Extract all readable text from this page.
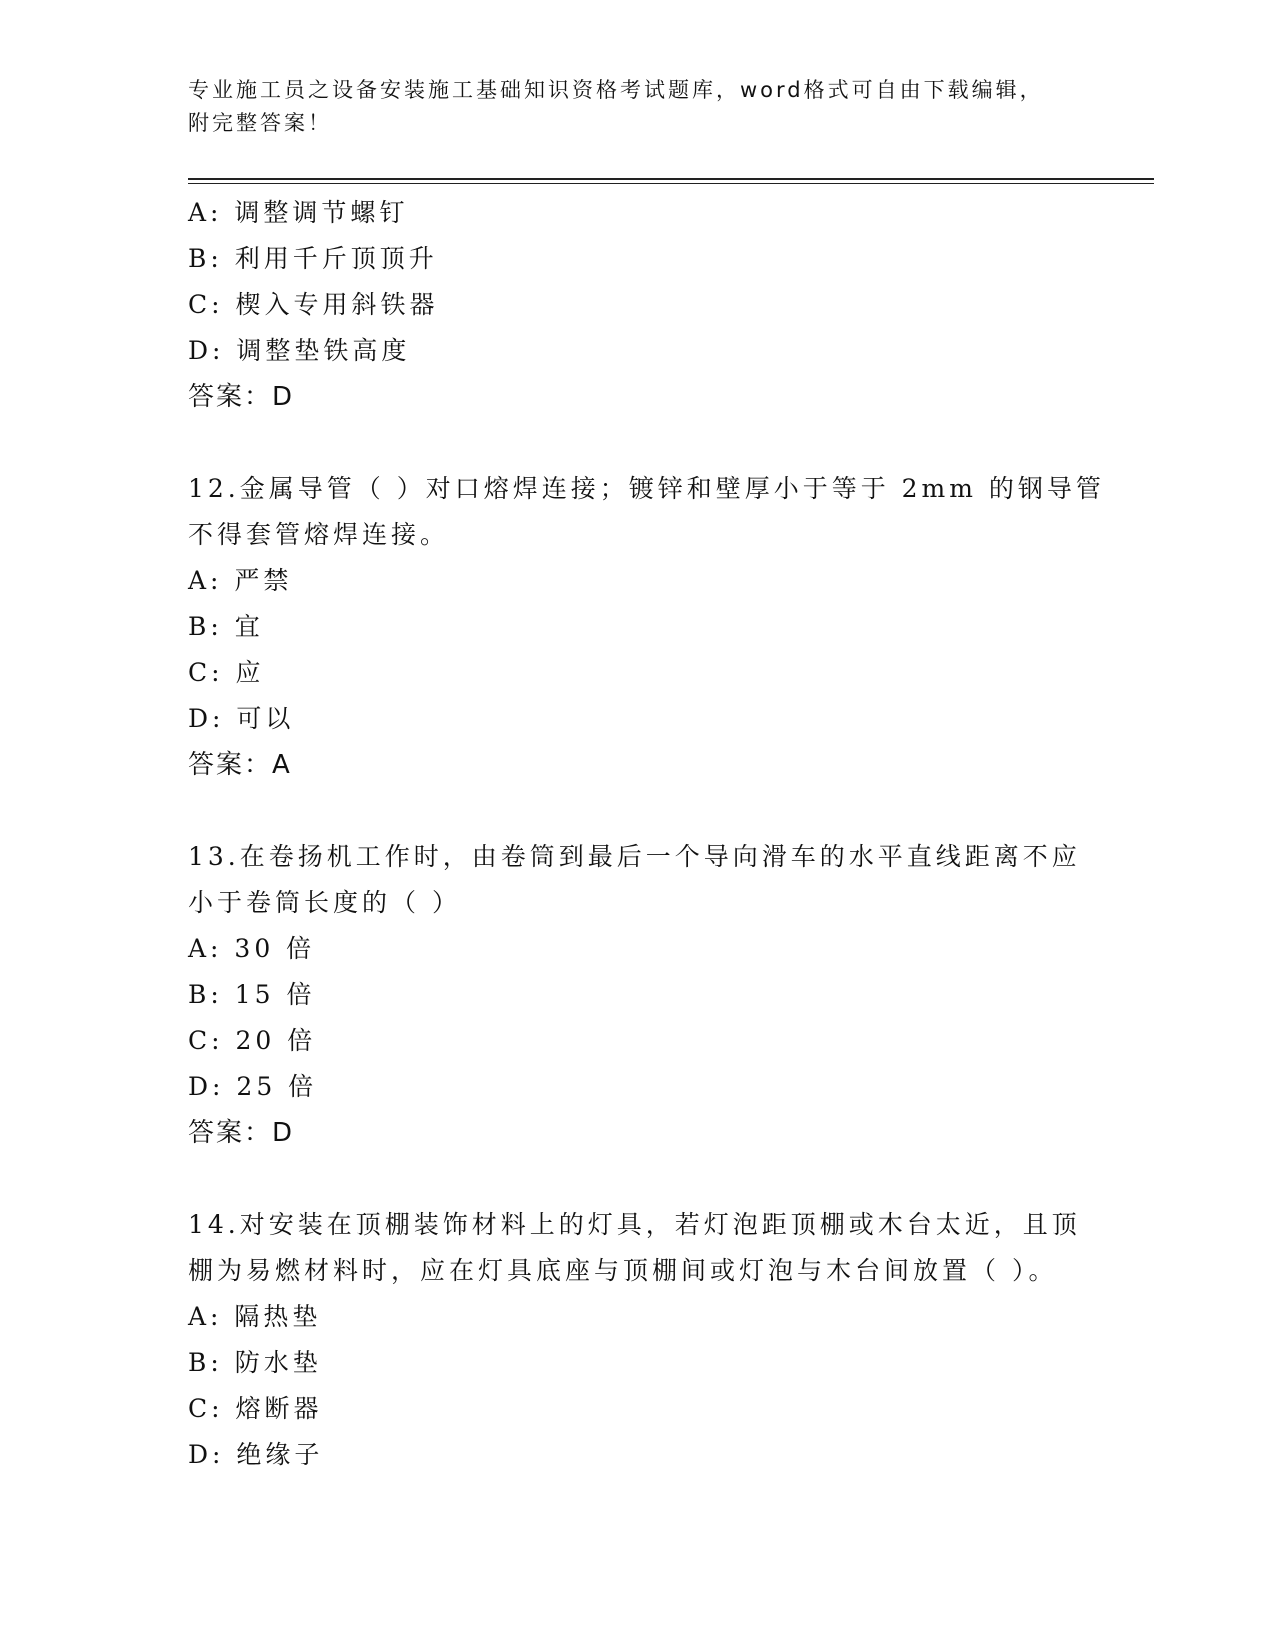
专业施工员之设备安装施工基础知识资格考试题库，word格式可自由下载编辑，
附完整答案！
A: 调整调节螺钉
B: 利用千斤顶顶升
C: 楔入专用斜铁器
D: 调整垫铁高度
答案：D
12.金属导管（ ）对口熔焊连接；镀锌和壁厚小于等于 2mm 的钢导管
不得套管熔焊连接。
A: 严禁
B: 宜
C: 应
D: 可以
答案：A
13.在卷扬机工作时，由卷筒到最后一个导向滑车的水平直线距离不应
小于卷筒长度的（ ）
A: 30 倍
B: 15 倍
C: 20 倍
D: 25 倍
答案：D
14.对安装在顶棚装饰材料上的灯具，若灯泡距顶棚或木台太近，且顶
棚为易燃材料时，应在灯具底座与顶棚间或灯泡与木台间放置（ ）。
A: 隔热垫
B: 防水垫
C: 熔断器
D: 绝缘子
